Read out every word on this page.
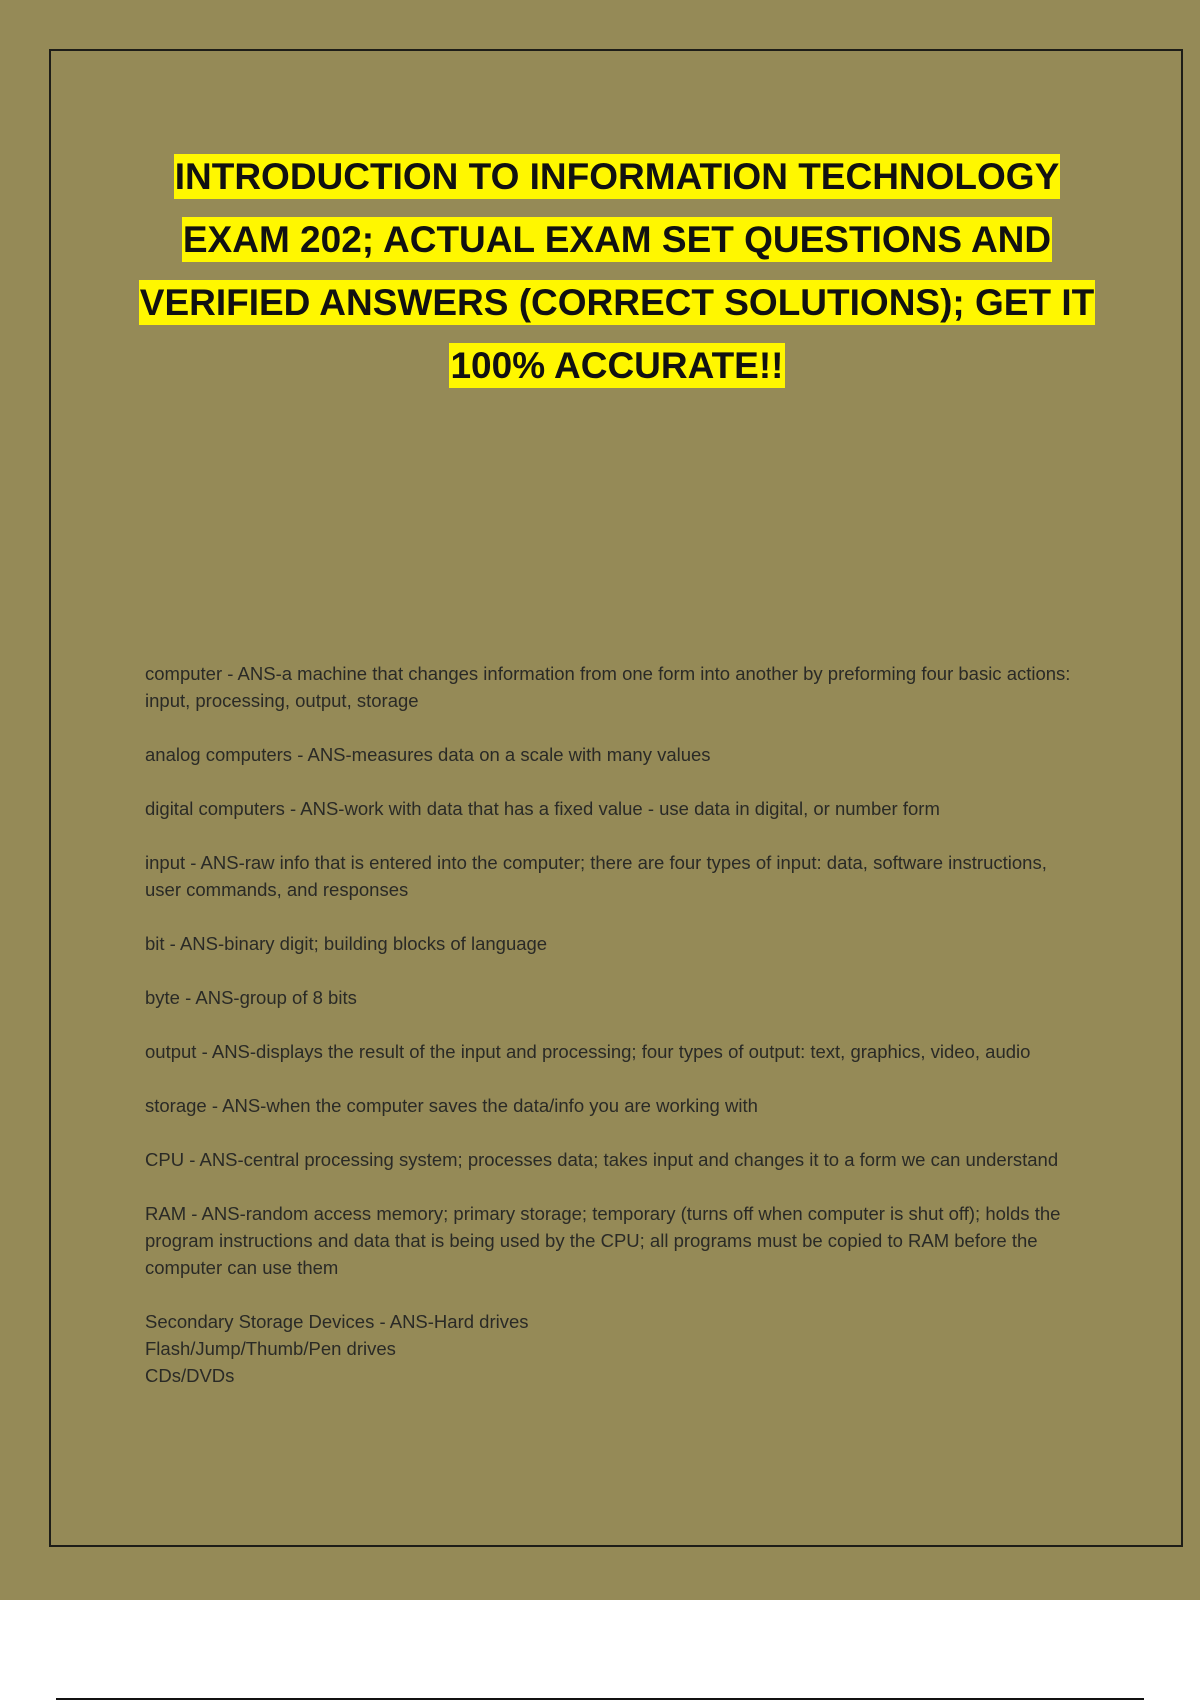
INTRODUCTION TO INFORMATION TECHNOLOGY EXAM 202; ACTUAL EXAM SET QUESTIONS AND VERIFIED ANSWERS (CORRECT SOLUTIONS); GET IT 100% ACCURATE!!
computer - ANS-a machine that changes information from one form into another by preforming four basic actions: input, processing, output, storage
analog computers - ANS-measures data on a scale with many values
digital computers - ANS-work with data that has a fixed value - use data in digital, or number form
input - ANS-raw info that is entered into the computer; there are four types of input: data, software instructions, user commands, and responses
bit - ANS-binary digit; building blocks of language
byte - ANS-group of 8 bits
output - ANS-displays the result of the input and processing; four types of output: text, graphics, video, audio
storage - ANS-when the computer saves the data/info you are working with
CPU - ANS-central processing system; processes data; takes input and changes it to a form we can understand
RAM - ANS-random access memory; primary storage; temporary (turns off when computer is shut off); holds the program instructions and data that is being used by the CPU; all programs must be copied to RAM before the computer can use them
Secondary Storage Devices - ANS-Hard drives
Flash/Jump/Thumb/Pen drives
CDs/DVDs
